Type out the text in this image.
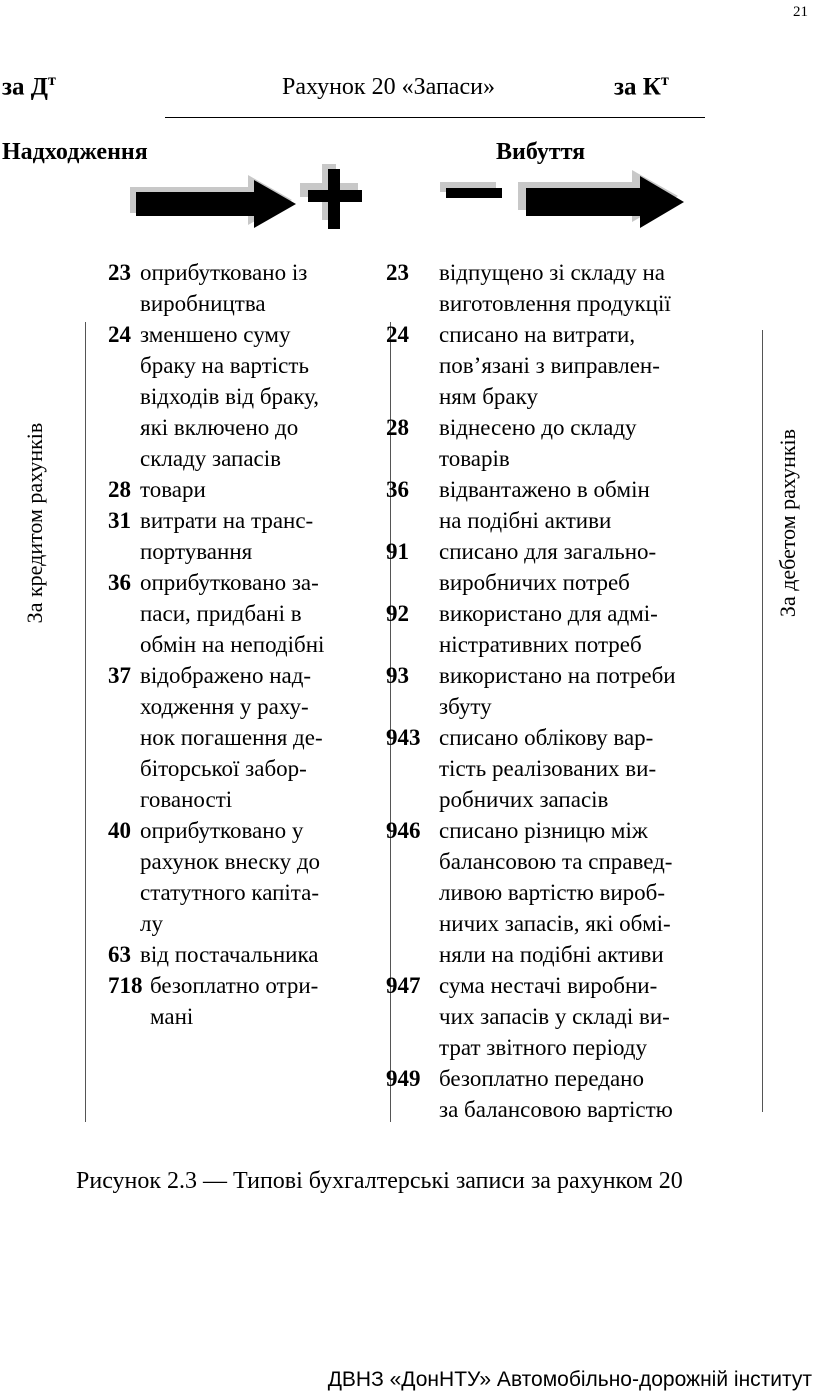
21
за $Д^т$	Рахунок 20 «Запаси»	за $К^т$
Надходження	Вибуття
За кредитом рахунків	За дебетом рахунків
23 оприбутковано із
виробництва
24 зменшено суму
браку на вартість
відходів від браку,
які включено до
складу запасів
28 товари
31 витрати на транс-
портування
36 оприбутковано за-
паси, придбані в
обмін на неподібні
37 відображено над-
ходження у раху-
нок погашення де-
біторської забор-
гованості
40 оприбутковано у
рахунок внеску до
статутного капіта-
лу
63 від постачальника
718 безоплатно отри-
мані
23 відпущено зі складу на
виготовлення продукції
24 списано на витрати,
пов’язані з виправлен-
ням браку
28 віднесено до складу
товарів
36 відвантажено в обмін
на подібні активи
91 списано для загально-
виробничих потреб
92 використано для адмі-
ністративних потреб
93 використано на потреби
збуту
943 списано облікову вар-
тість реалізованих ви-
робничих запасів
946 списано різницю між
балансовою та справед-
ливою вартістю вироб-
ничих запасів, які обмі-
няли на подібні активи
947 сума нестачі виробни-
чих запасів у складі ви-
трат звітного періоду
949 безоплатно передано
за балансовою вартістю
Рисунок 2.3 — Типові бухгалтерські записи за рахунком 20
ДВНЗ «ДонНТУ» Автомобільно-дорожній інститут
